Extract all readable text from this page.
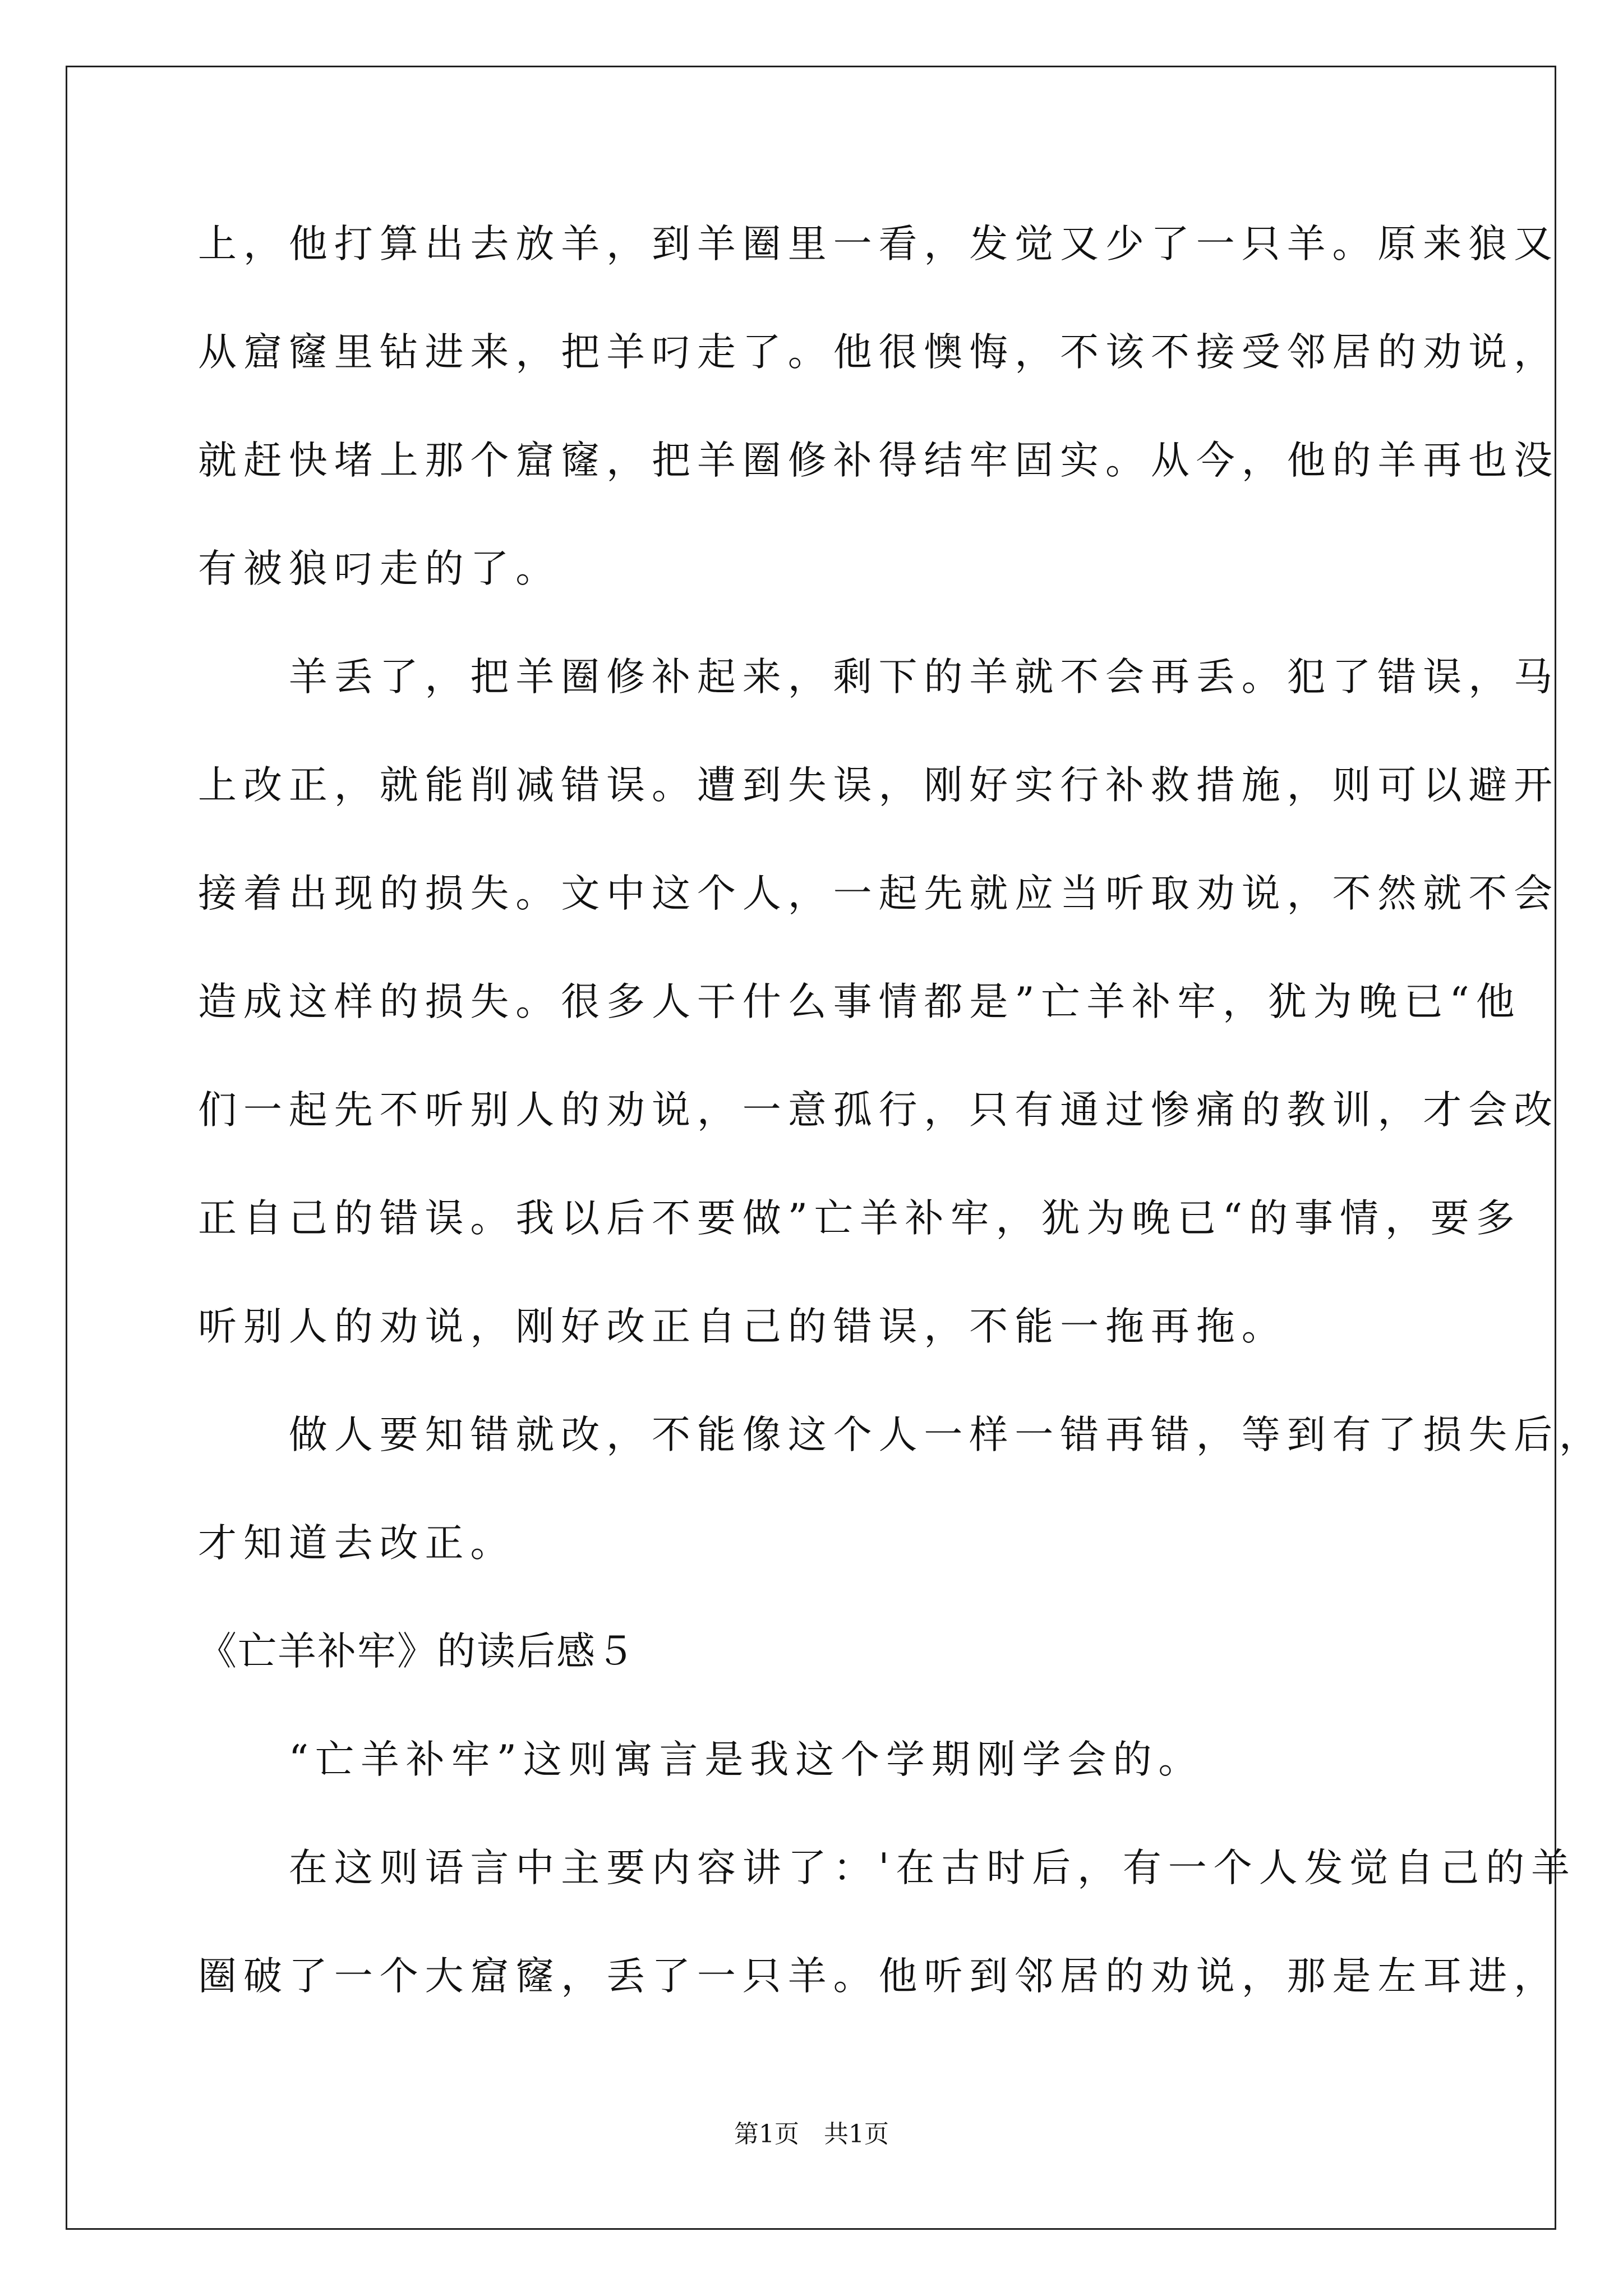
上，他打算出去放羊，到羊圈里一看，发觉又少了一只羊。原来狼又
从窟窿里钻进来，把羊叼走了。他很懊悔，不该不接受邻居的劝说，
就赶快堵上那个窟窿，把羊圈修补得结牢固实。从今，他的羊再也没
有被狼叼走的了。
　　羊丢了，把羊圈修补起来，剩下的羊就不会再丢。犯了错误，马
上改正，就能削减错误。遭到失误，刚好实行补救措施，则可以避开
接着出现的损失。文中这个人，一起先就应当听取劝说，不然就不会
造成这样的损失。很多人干什么事情都是”亡羊补牢，犹为晚已“他
们一起先不听别人的劝说，一意孤行，只有通过惨痛的教训，才会改
正自己的错误。我以后不要做”亡羊补牢，犹为晚已“的事情，要多
听别人的劝说，刚好改正自己的错误，不能一拖再拖。
　　做人要知错就改，不能像这个人一样一错再错，等到有了损失后，
才知道去改正。
《亡羊补牢》的读后感５
　　“亡羊补牢”这则寓言是我这个学期刚学会的。
　　在这则语言中主要内容讲了：'在古时后，有一个人发觉自己的羊
圈破了一个大窟窿，丢了一只羊。他听到邻居的劝说，那是左耳进，
第1页 共1页
